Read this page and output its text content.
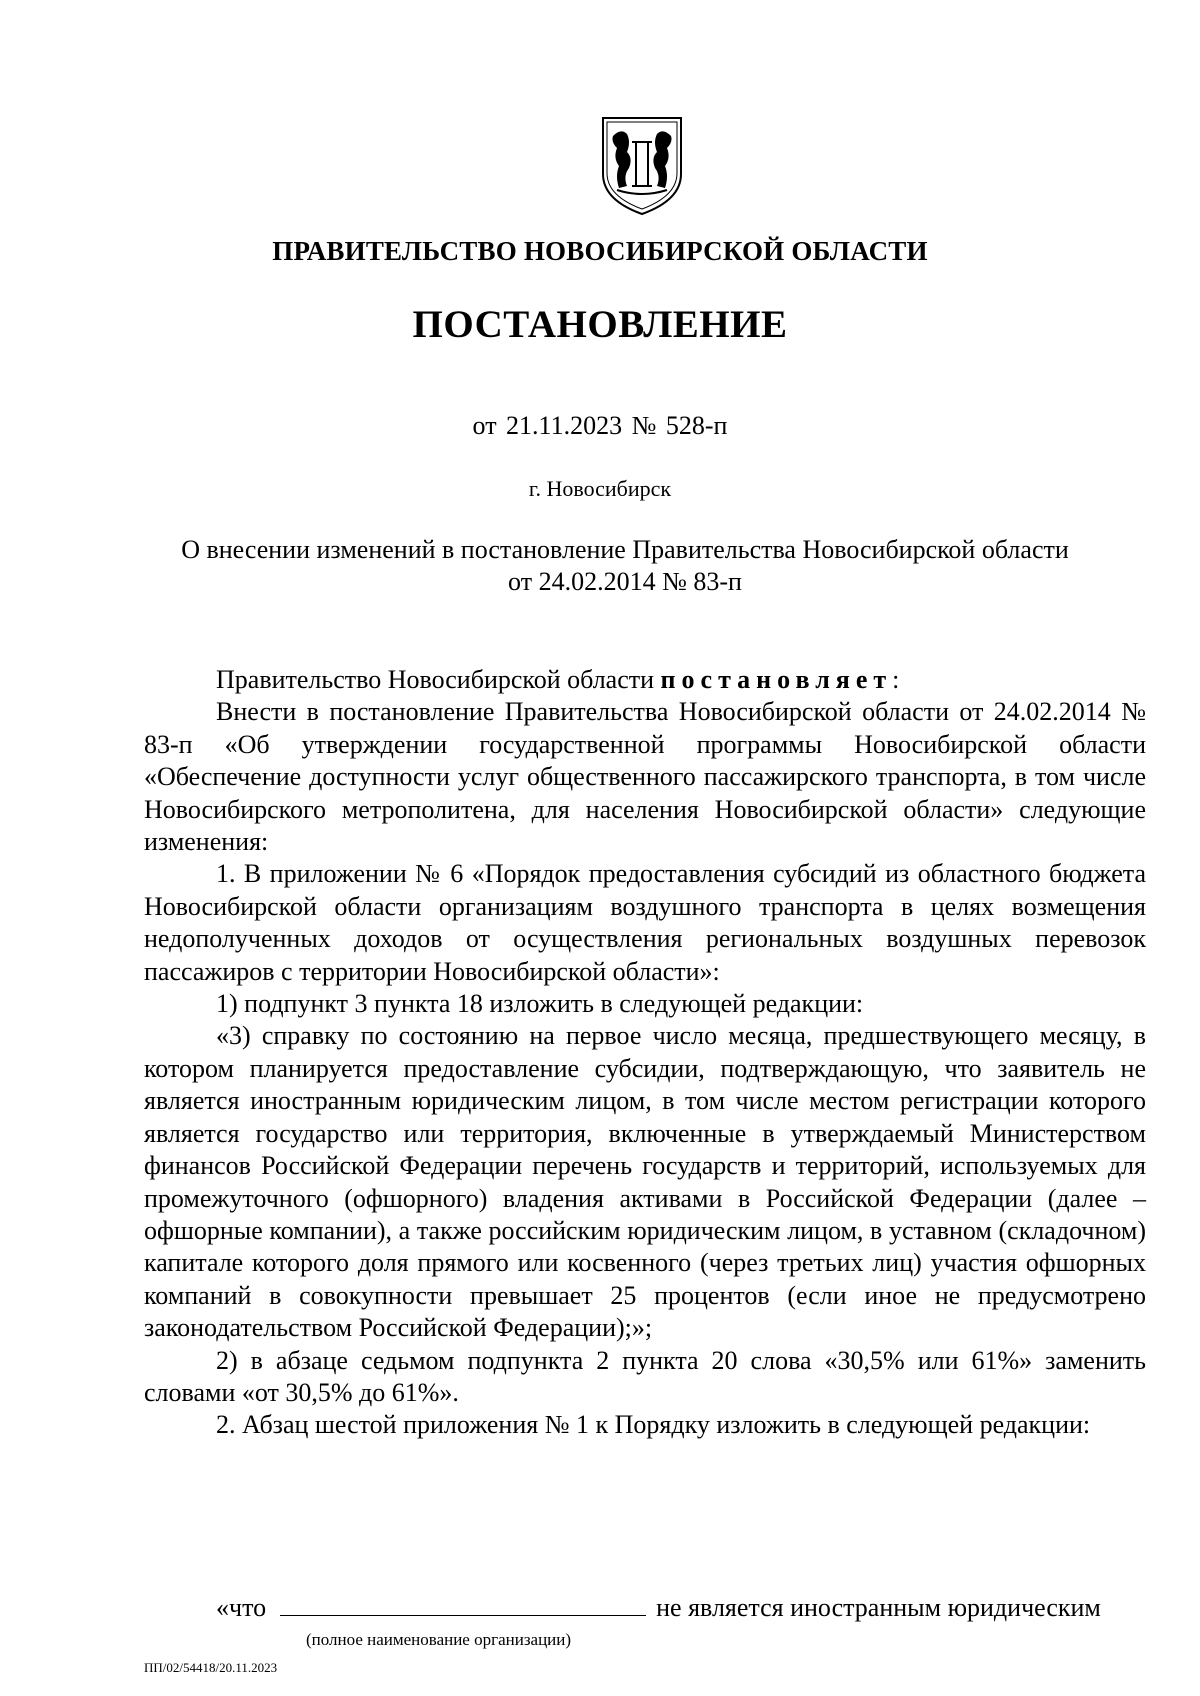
ПРАВИТЕЛЬСТВО НОВОСИБИРСКОЙ ОБЛАСТИ
ПОСТАНОВЛЕНИЕ
от 21.11.2023 № 528-п
г. Новосибирск
О внесении изменений в постановление Правительства Новосибирской области
от 24.02.2014 № 83-п

Правительство Новосибирской области постановляет:

Внести в постановление Правительства Новосибирской области от 24.02.2014 № 83-п «Об утверждении государственной программы Новосибирской области «Обеспечение доступности услуг общественного пассажирского транспорта, в том числе Новосибирского метрополитена, для населения Новосибирской области» следующие изменения:

1. В приложении № 6 «Порядок предоставления субсидий из областного бюджета Новосибирской области организациям воздушного транспорта в целях возмещения недополученных доходов от осуществления региональных воздушных перевозок пассажиров с территории Новосибирской области»:

1) подпункт 3 пункта 18 изложить в следующей редакции:

«3) справку по состоянию на первое число месяца, предшествующего месяцу, в котором планируется предоставление субсидии, подтверждающую, что заявитель не является иностранным юридическим лицом, в том числе местом регистрации которого является государство или территория, включенные в утверждаемый Министерством финансов Российской Федерации перечень государств и территорий, используемых для промежуточного (офшорного) владения активами в Российской Федерации (далее – офшорные компании), а также российским юридическим лицом, в уставном (складочном) капитале которого доля прямого или косвенного (через третьих лиц) участия офшорных компаний в совокупности превышает 25 процентов (если иное не предусмотрено законодательством Российской Федерации);»;

2) в абзаце седьмом подпункта 2 пункта 20 слова «30,5% или 61%» заменить словами «от 30,5% до 61%».

2. Абзац шестой приложения № 1 к Порядку изложить в следующей редакции:

«что	не является иностранным юридическим
(полное наименование организации)
ПП/02/54418/20.11.2023
